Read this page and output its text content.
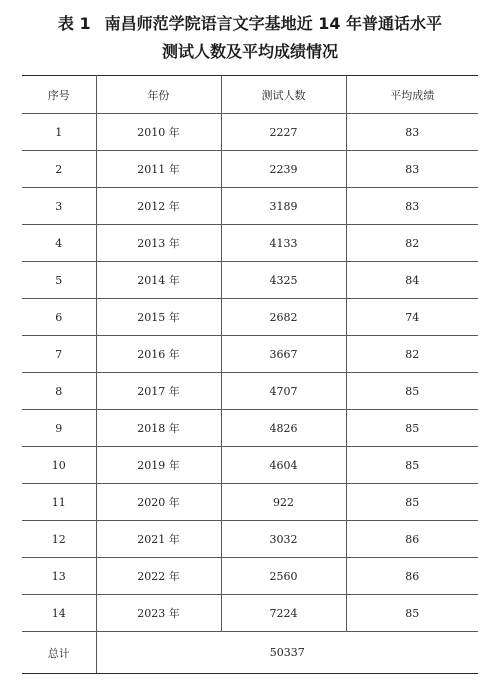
表 1 南昌师范学院语言文字基地近 14 年普通话水平
测试人数及平均成绩情况
序号	年份	测试人数	平均成绩
1	2010 年	2227	83
2	2011 年	2239	83
3	2012 年	3189	83
4	2013 年	4133	82
5	2014 年	4325	84
6	2015 年	2682	74
7	2016 年	3667	82
8	2017 年	4707	85
9	2018 年	4826	85
10	2019 年	4604	85
11	2020 年	922	85
12	2021 年	3032	86
13	2022 年	2560	86
14	2023 年	7224	85
总计	50337		
